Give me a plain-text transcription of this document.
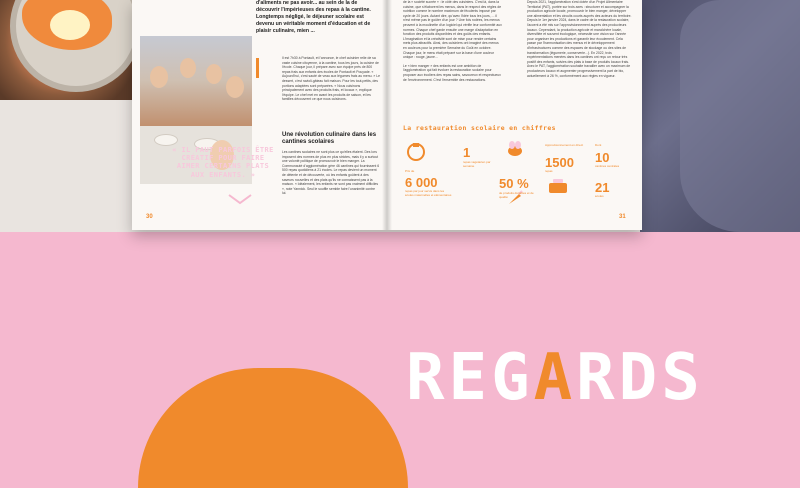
d'aliments ne pas avoir... au sein de la de découvrir l'impérieuses des repas à la cantine. Longtemps négligé, le déjeuner scolaire est devenu un véritable moment d'éducation et de plaisir culinaire, mien ...
Il est 7h30 à Pontault, et l'annonce, le chef cuisinier relie de sa vaste cuisine citoyenne, à la cantine, tous les jours, la cuisine de l'école. Chaque jour, il prépare avec son équipe près de 800 repas frais aux enfants des écoles de Pontault et Pouyade. « Aujourd'hui, c'est sauté de veau aux légumes frais au menu. » Le dessert, c'est ravioli-gâteau fait maison. Pour les tout-petits, des portions adaptées sont préparées. « Nous cuisinons principalement avec des produits frais, et locaux », explique l'équipe. Le chef met en avant les produits de saison, et les familles découvrent ce que nous cuisinons.
Une révolution culinaire dans les cantines scolaires
Les cantines scolaires ne sont plus ce qu'elles étaient. Des lors imposent des normes de plus en plus strictes, mais il y a surtout une volonté politique de promouvoir le bien manger. La Communauté d'agglomération gère 46 cantines qui fournissent 6 500 repas quotidiens à 21 écoles. Le repas devient un moment de détente et de découverte, où les enfants goûtent à des saveurs nouvelles et des plats qu'ils ne connaissent pas à la maison. « Idéalement, les enfants ne sont pas vraiment difficiles », note Yannick. Seul le souffle semble faire l'unanimité contre lui.
« IL FAUT PARFOIS ÊTRE CRÉATIF POUR FAIRE AIMER CERTAINS PLATS AUX ENFANTS. »
30
de la « société sucrée » : le côté des cuisiniers. C'est là, dans la cuisine, que s'élaborent les menus, dans le respect des règles de nutrition comme le nombre maximum de féculents imposé par cycle de 20 jours. Autant dire, qu'avec l'idée tous les jours, ... il n'est même pas le goûter d'un jour ? Une fois rodées, les menus peuvent à la moulinette d'un logiciel qui vérifie leur conformité aux normes. Chaque chef garde ensuite une marge d'adaptation en fonction des produits disponibles et des goûts des enfants. L'imagination et la créativité sont de mise pour rendre certains mets plus attractifs. Ainsi, des cuisiniers ont imaginé des menus en couleurs pour la première Semaine du Goût en octobre. Chaque jour, le menu était préparé sur la base d'une couleur unique : rouge, jaune...
Le « bien manger » des enfants est une ambition de l'agglomération qui fait évoluer la restauration scolaire pour proposer aux écoliers des repas sains, savoureux et respectueux de l'environnement. C'est l'ensemble des restaurations.
Depuis 2021, l'agglomération s'est dotée d'un Projet Alimentaire Territorial (PAT), portée sur trois axes : structurer et accompagner la production agricole locale, promouvoir le bien manger, développer une alimentation et les circuits courts auprès des acteurs du territoire. Depuis le 1er janvier 2024, dans le cadre de la restauration scolaire, l'accent a été mis sur l'approvisionnement auprès des producteurs locaux. Cependant, la production agricole et maraîchère locale, diversifiée et souvent écologique, nécessite une vision sur l'année pour organiser les productions et garantir leur écoulement. Cela passe par l'harmonisation des menus et le développement d'infrastructures comme des espaces de stockage ou des sites de transformation (légumerie, conserverie...). En 2022, trois expérimentations menées dans les cantines ont reçu un retour très positif des enfants, suivies des plats à base de produits locaux frais. Avec le PAT, l'agglomération souhaite travailler avec un maximum de producteurs locaux et augmenter progressivement la part de bio, actuellement à 26 %, conformément aux règles en vigueur.
La restauration scolaire en chiffres
Prix de
6 000
repas par jour servis dans les écoles maternelles et élémentaires
1
repas végétarien par semaine
50 %
de produits durables et de qualité
Approvisionnement en direct
1500
repas
Dont
10
cantines centrales
21
écoles
31
REGARDS
